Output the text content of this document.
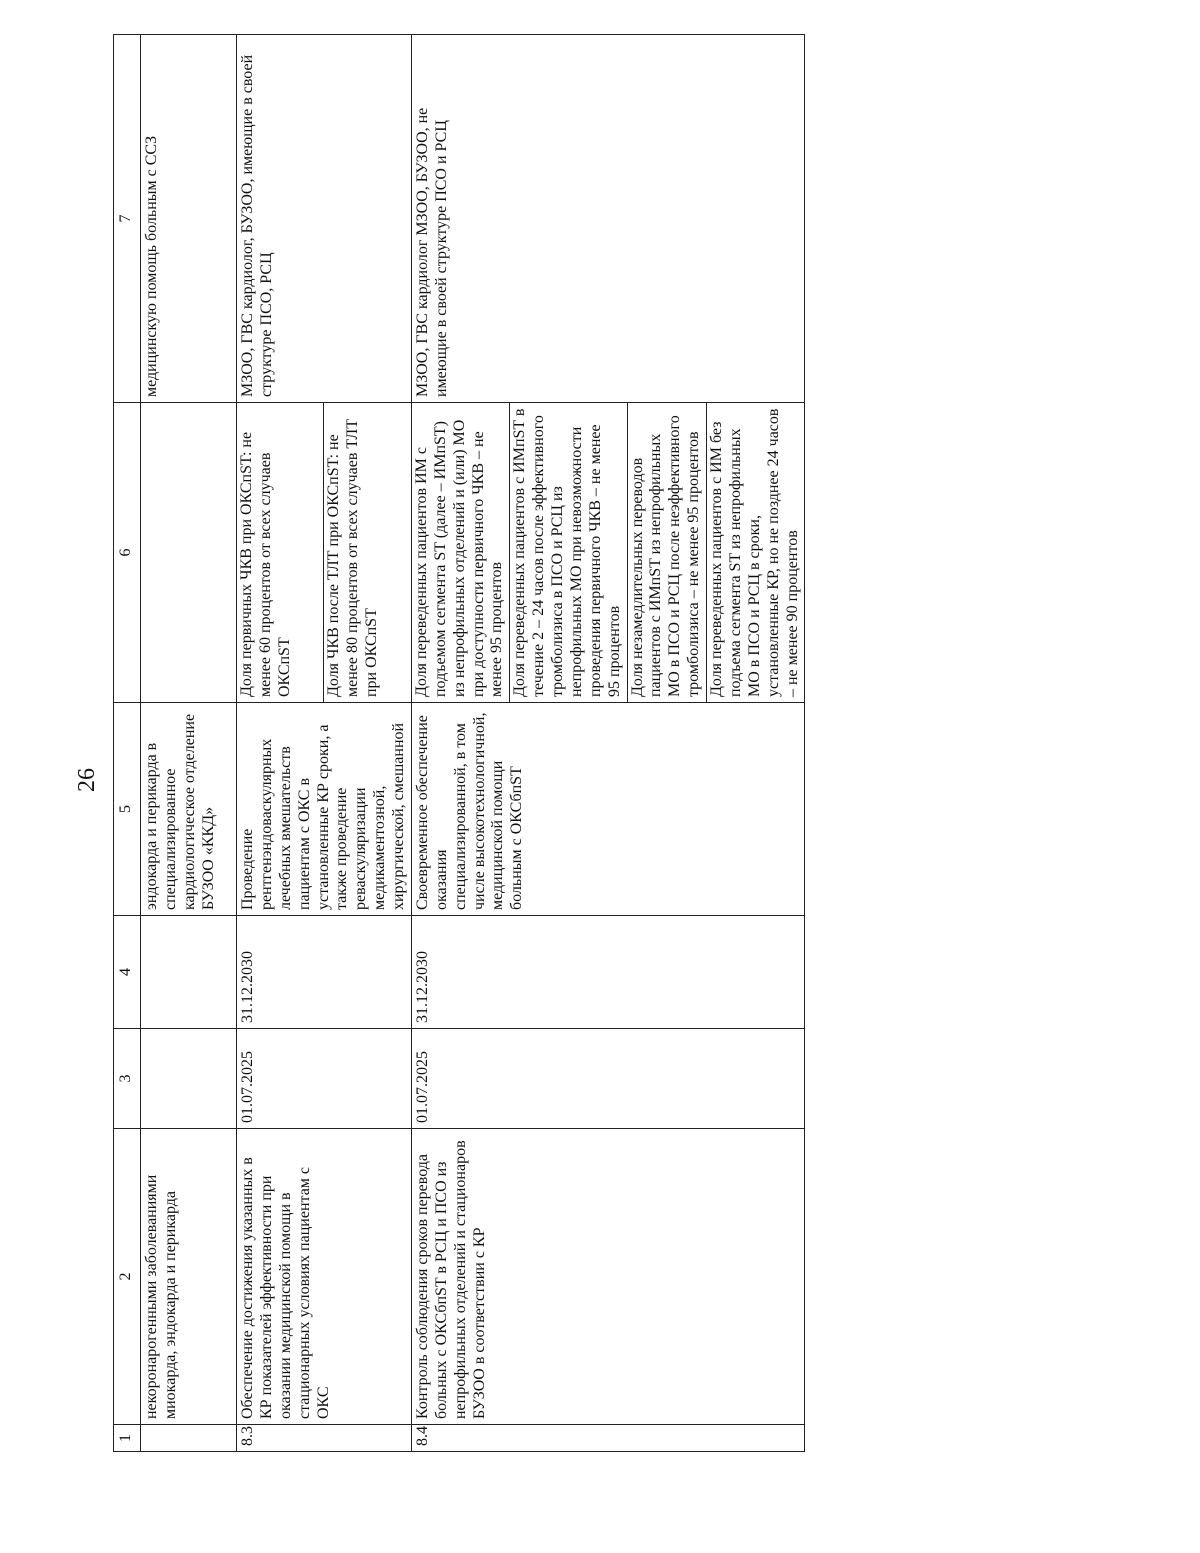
26
1	2	3	4	5	6	7
	некоронарогенными заболеваниями миокарда, эндокарда и перикарда			эндокарда и перикарда в специализированное кардиологическое отделение БУЗОО «ККД»		медицинскую помощь больным с ССЗ
8.3	Обеспечение достижения указанных в КР показателей эффективности при оказании медицинской помощи в стационарных условиях пациентам с ОКС	01.07.2025	31.12.2030	Проведение рентгенэндоваскулярных лечебных вмешательств пациентам с ОКС в установленные КР сроки, а также проведение реваскуляризации медикаментозной, хирургической, смешанной	Доля первичных ЧКВ при ОКСпST: не менее 60 процентов от всех случаев ОКСпST	МЗОО, ГВС кардиолог, БУЗОО, имеющие в своей структуре ПСО, РСЦ
					Доля ЧКВ после ТЛТ при ОКСпST: не менее 80 процентов от всех случаев ТЛТ при ОКСпST	
8.4	Контроль соблюдения сроков перевода больных с ОКСбпST в РСЦ и ПСО из непрофильных отделений и стационаров БУЗОО в соответствии с КР	01.07.2025	31.12.2030	Своевременное обеспечение оказания специализированной, в том числе высокотехнологичной, медицинской помощи больным с ОКСбпST	Доля переведенных пациентов ИМ с подъемом сегмента ST (далее – ИМпST) из непрофильных отделений и (или) МО при доступности первичного ЧКВ – не менее 95 процентов	МЗОО, ГВС кардиолог МЗОО, БУЗОО, не имеющие в своей структуре ПСО и РСЦ
					Доля переведенных пациентов с ИМпST в течение 2 – 24 часов после эффективного тромболизиса в ПСО и РСЦ из непрофильных МО при невозможности проведения первичного ЧКВ – не менее 95 процентов	
					Доля незамедлительных переводов пациентов с ИМпST из непрофильных МО в ПСО и РСЦ после неэффективного тромболизиса – не менее 95 процентов	
					Доля переведенных пациентов с ИМ без подъема сегмента ST из непрофильных МО в ПСО и РСЦ в сроки, установленные КР, но не позднее 24 часов – не менее 90 процентов	
